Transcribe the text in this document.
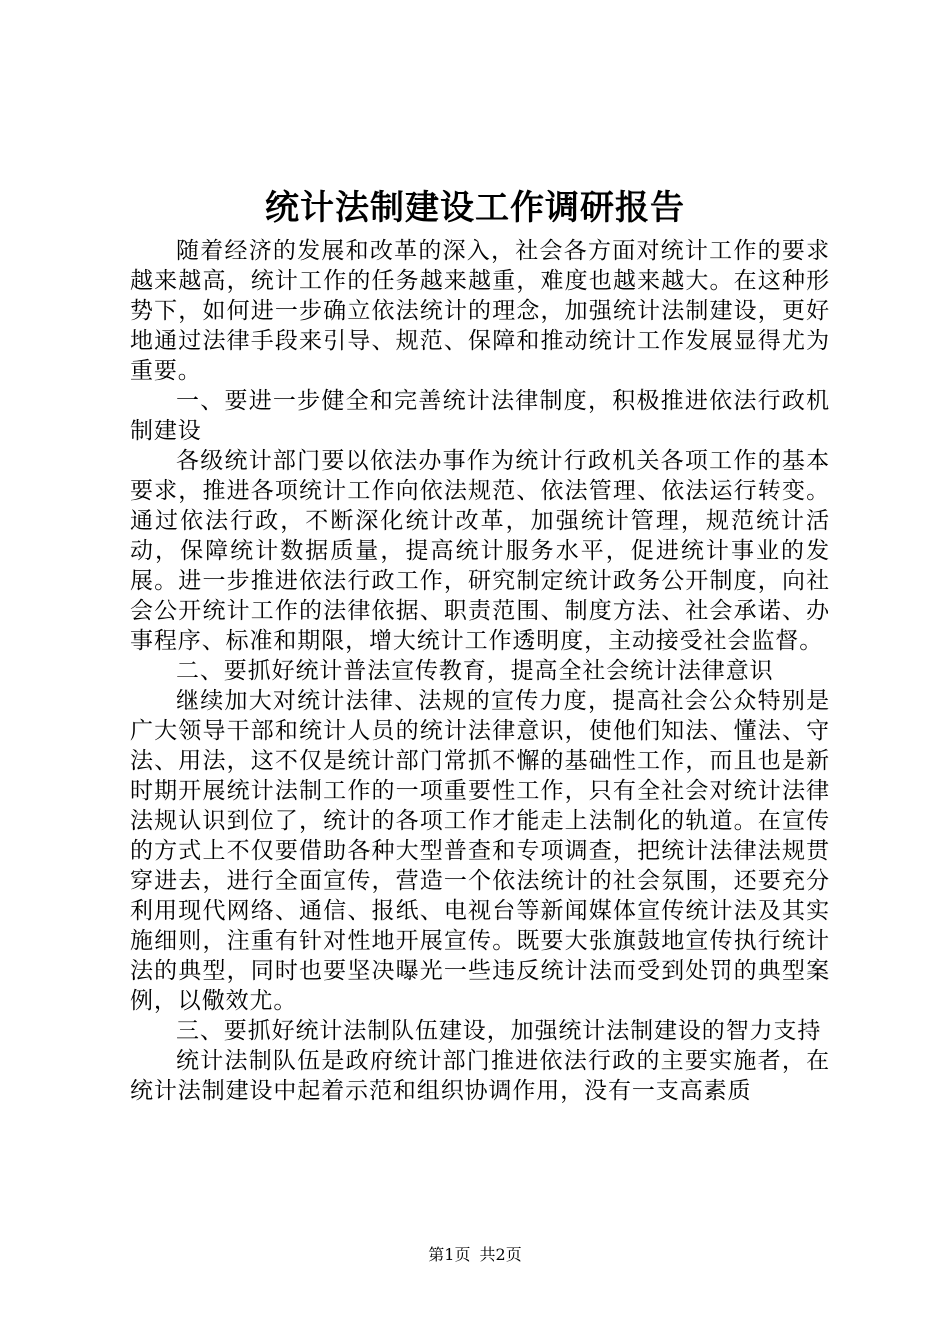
统计法制建设工作调研报告

随着经济的发展和改革的深入，社会各方面对统计工作的要求越来越高，统计工作的任务越来越重，难度也越来越大。在这种形势下，如何进一步确立依法统计的理念，加强统计法制建设，更好地通过法律手段来引导、规范、保障和推动统计工作发展显得尤为重要。

一、要进一步健全和完善统计法律制度，积极推进依法行政机制建设

各级统计部门要以依法办事作为统计行政机关各项工作的基本要求，推进各项统计工作向依法规范、依法管理、依法运行转变。通过依法行政，不断深化统计改革，加强统计管理，规范统计活动，保障统计数据质量，提高统计服务水平，促进统计事业的发展。进一步推进依法行政工作，研究制定统计政务公开制度，向社会公开统计工作的法律依据、职责范围、制度方法、社会承诺、办事程序、标准和期限，增大统计工作透明度，主动接受社会监督。

二、要抓好统计普法宣传教育，提高全社会统计法律意识

继续加大对统计法律、法规的宣传力度，提高社会公众特别是广大领导干部和统计人员的统计法律意识，使他们知法、懂法、守法、用法，这不仅是统计部门常抓不懈的基础性工作，而且也是新时期开展统计法制工作的一项重要性工作，只有全社会对统计法律法规认识到位了，统计的各项工作才能走上法制化的轨道。在宣传的方式上不仅要借助各种大型普查和专项调查，把统计法律法规贯穿进去，进行全面宣传，营造一个依法统计的社会氛围，还要充分利用现代网络、通信、报纸、电视台等新闻媒体宣传统计法及其实施细则，注重有针对性地开展宣传。既要大张旗鼓地宣传执行统计法的典型，同时也要坚决曝光一些违反统计法而受到处罚的典型案例，以儆效尤。

三、要抓好统计法制队伍建设，加强统计法制建设的智力支持

统计法制队伍是政府统计部门推进依法行政的主要实施者，在统计法制建设中起着示范和组织协调作用，没有一支高素质

第1页 共2页
